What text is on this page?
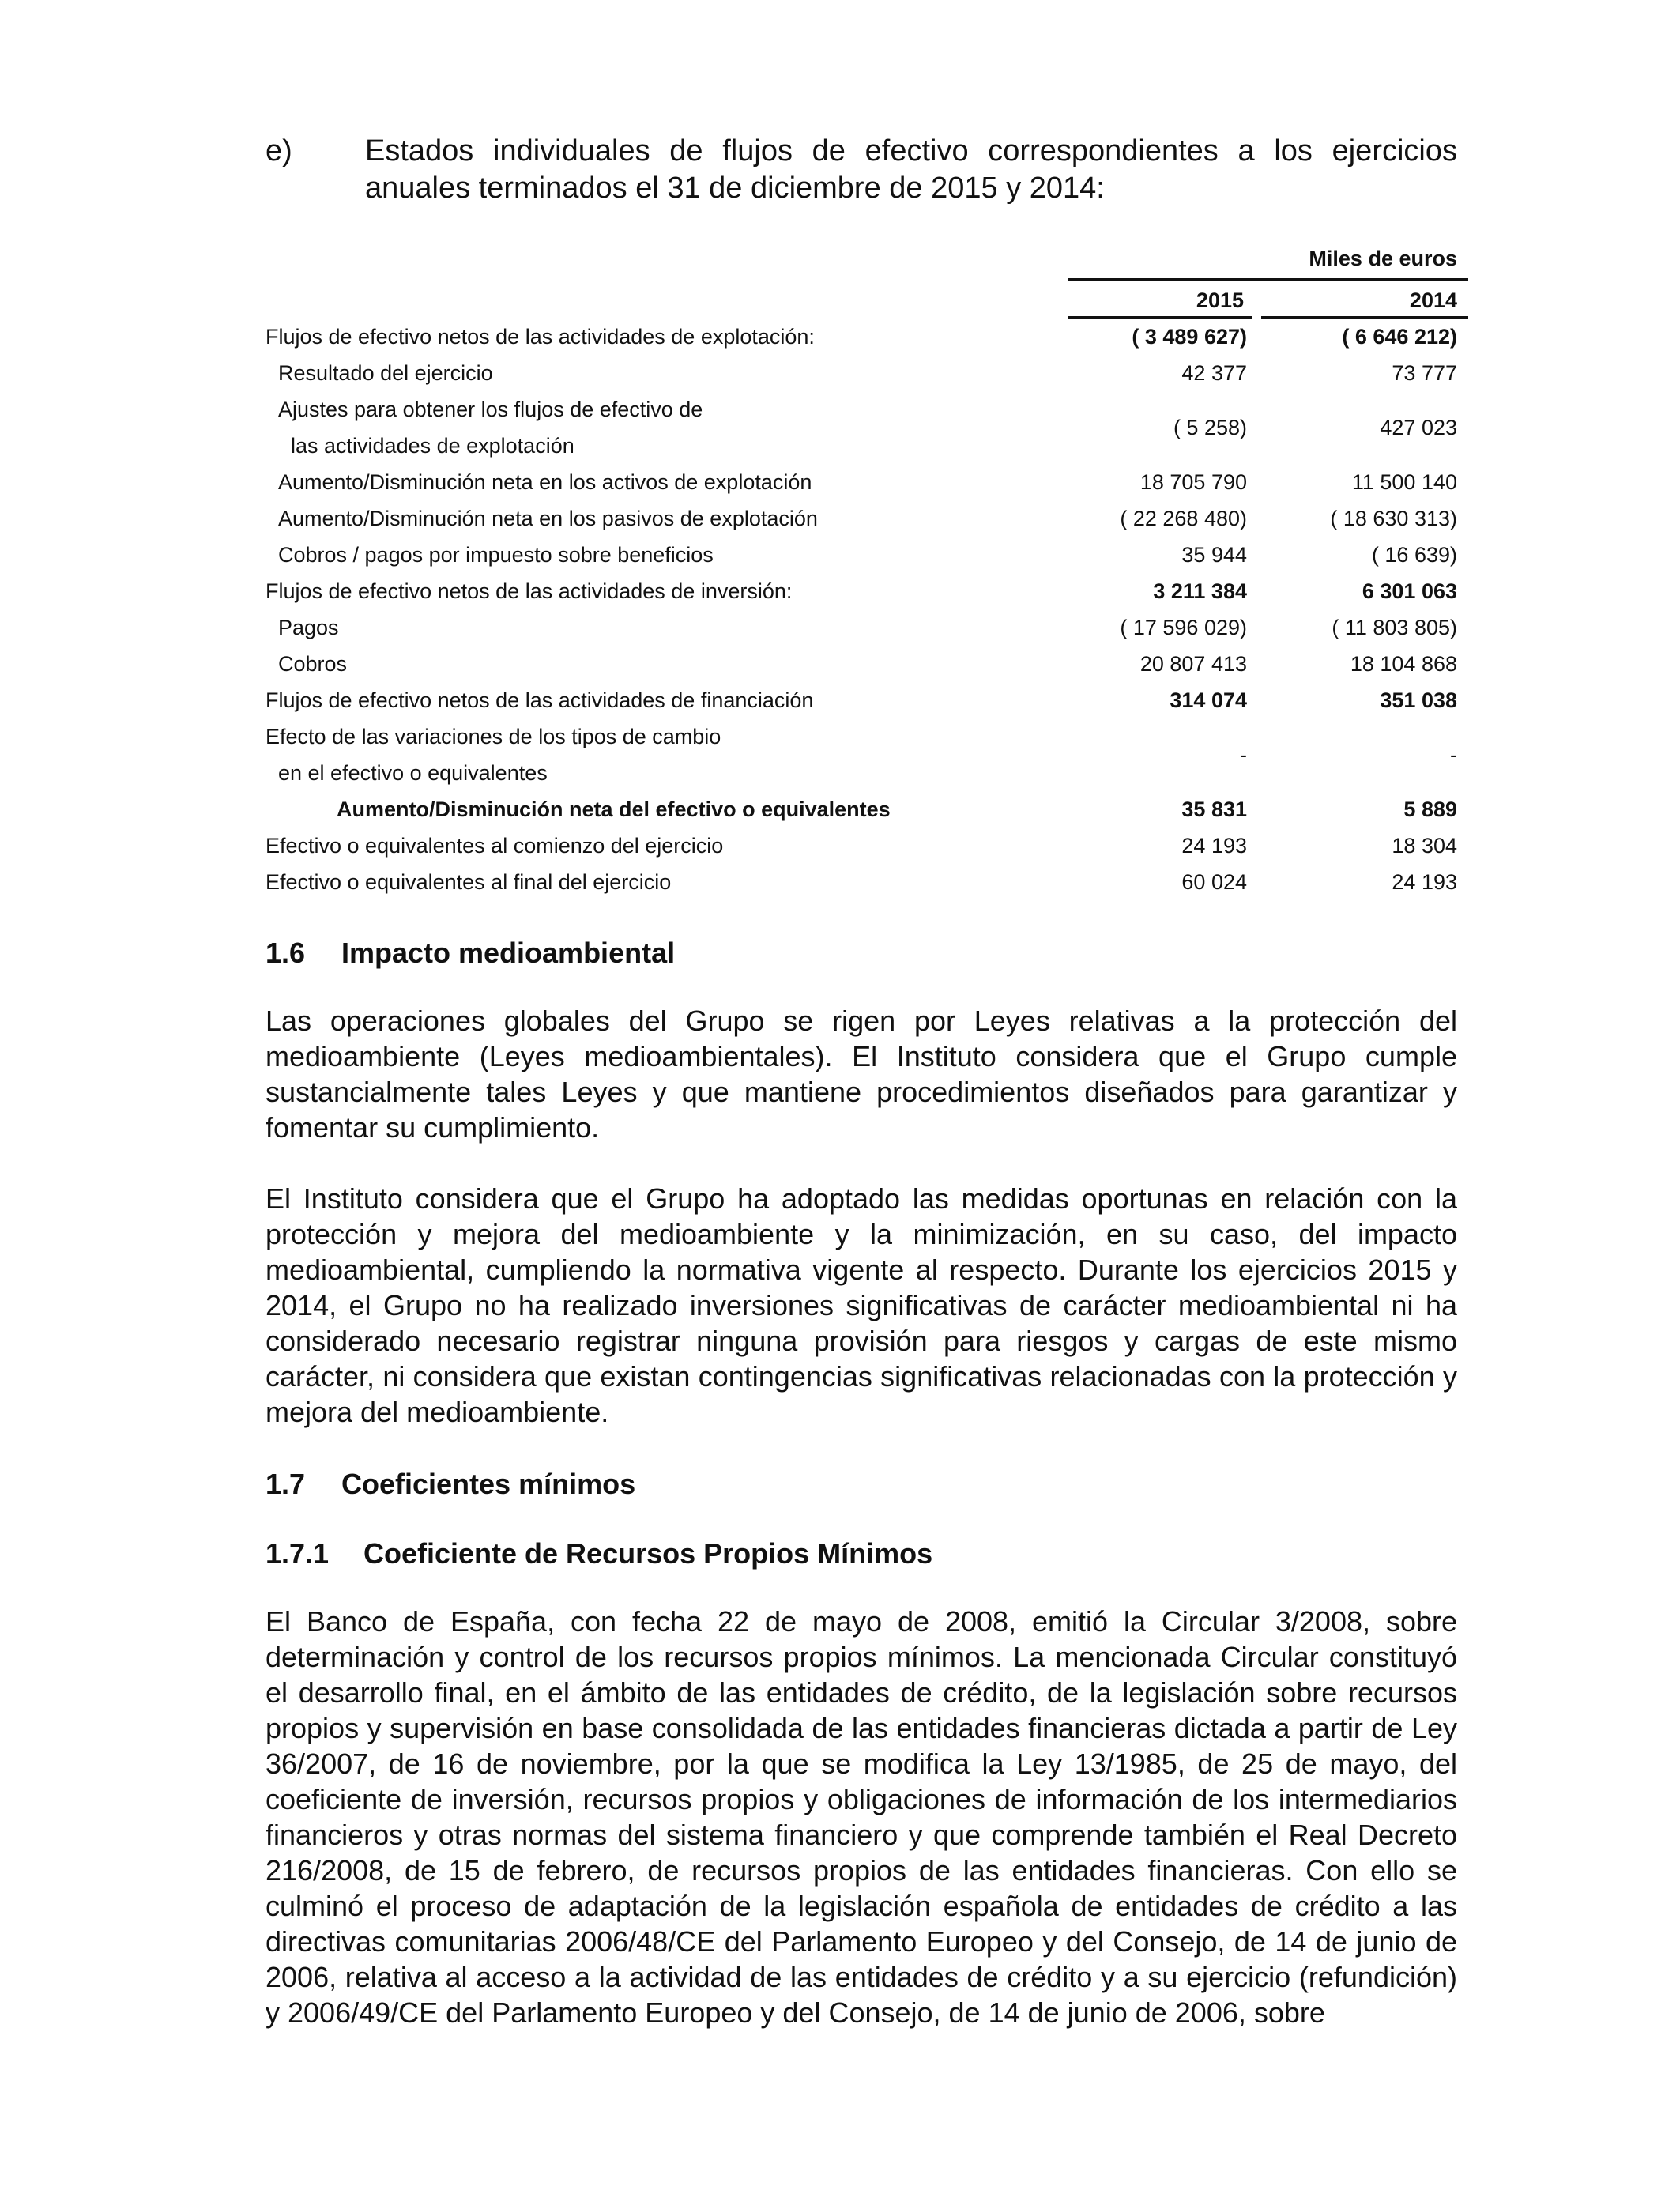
e) Estados individuales de flujos de efectivo correspondientes a los ejercicios anuales terminados el 31 de diciembre de 2015 y 2014:
Miles de euros
2015	2014
Flujos de efectivo netos de las actividades de explotación:	( 3 489 627)	( 6 646 212)
Resultado del ejercicio	42 377	73 777
Ajustes para obtener los flujos de efectivo de
las actividades de explotación
( 5 258)	427 023
Aumento/Disminución neta en los activos de explotación	18 705 790	11 500 140
Aumento/Disminución neta en los pasivos de explotación	( 22 268 480)	( 18 630 313)
Cobros / pagos por impuesto sobre beneficios	35 944	( 16 639)
Flujos de efectivo netos de las actividades de inversión:	3 211 384	6 301 063
Pagos	( 17 596 029)	( 11 803 805)
Cobros	20 807 413	18 104 868
Flujos de efectivo netos de las actividades de financiación	314 074	351 038
Efecto de las variaciones de los tipos de cambio
en el efectivo o equivalentes
-	-
Aumento/Disminución neta del efectivo o equivalentes	35 831	5 889
Efectivo o equivalentes al comienzo del ejercicio	24 193	18 304
Efectivo o equivalentes al final del ejercicio	60 024	24 193
1.6 Impacto medioambiental

Las operaciones globales del Grupo se rigen por Leyes relativas a la protección del medioambiente (Leyes medioambientales). El Instituto considera que el Grupo cumple sustancialmente tales Leyes y que mantiene procedimientos diseñados para garantizar y fomentar su cumplimiento.

El Instituto considera que el Grupo ha adoptado las medidas oportunas en relación con la protección y mejora del medioambiente y la minimización, en su caso, del impacto medioambiental, cumpliendo la normativa vigente al respecto. Durante los ejercicios 2015 y 2014, el Grupo no ha realizado inversiones significativas de carácter medioambiental ni ha considerado necesario registrar ninguna provisión para riesgos y cargas de este mismo carácter, ni considera que existan contingencias significativas relacionadas con la protección y mejora del medioambiente.

1.7 Coeficientes mínimos
1.7.1 Coeficiente de Recursos Propios Mínimos

El Banco de España, con fecha 22 de mayo de 2008, emitió la Circular 3/2008, sobre determinación y control de los recursos propios mínimos. La mencionada Circular constituyó el desarrollo final, en el ámbito de las entidades de crédito, de la legislación sobre recursos propios y supervisión en base consolidada de las entidades financieras dictada a partir de Ley 36/2007, de 16 de noviembre, por la que se modifica la Ley 13/1985, de 25 de mayo, del coeficiente de inversión, recursos propios y obligaciones de información de los intermediarios financieros y otras normas del sistema financiero y que comprende también el Real Decreto 216/2008, de 15 de febrero, de recursos propios de las entidades financieras. Con ello se culminó el proceso de adaptación de la legislación española de entidades de crédito a las directivas comunitarias 2006/48/CE del Parlamento Europeo y del Consejo, de 14 de junio de 2006, relativa al acceso a la actividad de las entidades de crédito y a su ejercicio (refundición) y 2006/49/CE del Parlamento Europeo y del Consejo, de 14 de junio de 2006, sobre
